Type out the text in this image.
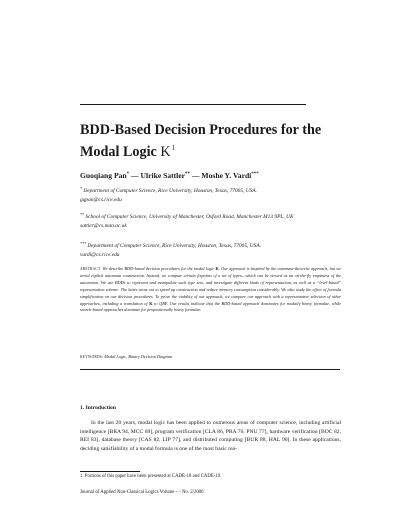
BDD-Based Decision Procedures for the Modal Logic $K^1$

Guoqiang Pan* — Ulrike Sattler** — Moshe Y. Vardi***

* Department of Computer Science, Rice University, Houston, Texas, 77005, USA.
gqpan@cs.rice.edu

** School of Computer Science, University of Manchester, Oxford Road, Manchester M13 9PL, UK
sattler@cs.man.ac.uk

*** Department of Computer Science, Rice University, Houston, Texas, 77005, USA.
vardi@cs.rice.edu

ABSTRACT. We describe BDD-based decision procedures for the modal logic K. Our approach is inspired by the automata-theoretic approach, but we avoid explicit automata construction. Instead, we compute certain fixpoints of a set of types—which can be viewed as an on-the-fly emptiness of the automaton. We use BDDs to represent and manipulate such type sets, and investigate different kinds of representations as well as a “level-based” representation scheme. The latter turns out to speed up construction and reduce memory consumption considerably. We also study the effect of formula simplification on our decision procedures. To prove the viability of our approach, we compare our approach with a representative selection of other approaches, including a translation of K to QBF. Our results indicate that the BDD-based approach dominates for modally heavy formulae, while search-based approaches dominate for propositionally heavy formulae.

KEYWORDS: Modal Logic, Binary Decision Diagram

1. Introduction

In the last 20 years, modal logic has been applied to numerous areas of computer science, including artificial intelligence [BRA 94, MCC 69], program verification [CLA 86, PRA 76, PNU 77], hardware verification [BOC 82, REI 83], database theory [CAS 82, LIP 77], and distributed computing [BUR 88, HAL 90]. In these applications, deciding satisfiability of a modal formula is one of the most basic rea-

1. Portions of this paper have been presented at CADE-18 and CADE-19.

Journal of Applied Non-Classical Logics.Volume - – No. 2/2006
